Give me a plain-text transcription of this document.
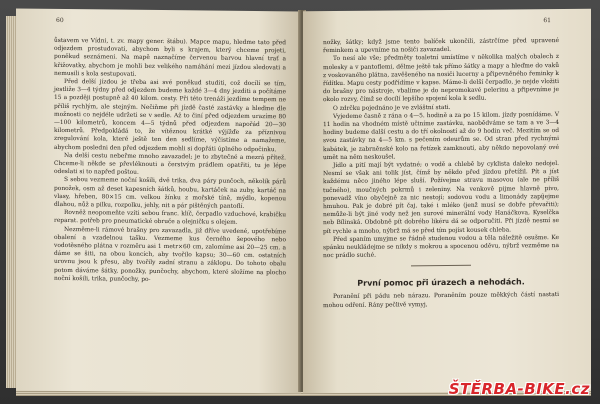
60

ůstavem ve Vídni, t. zv. mapy gener. štábu). Mapce mapu, hledme tato před odjezdem prostudovati, abychom byli s krajem, který chceme projeti, poněkud seznámeni. Na mapě naznačíme červenou barvou hlavní trať a křižovatky, abychom je mohli bez velikého namáhání mezi jízdou sledovati a nemusili s kola sestupovati.

Před delší jízdou je třeba asi své poněkud studiti, což docílí se tím, jestliže 3—4 týdny před odjezdem budeme každé 3—4 dny jezditi a počítáme 15 a později postupně až 40 kilom. cesty. Při této trenáži jezdíme tempem ne příliš rychlým, ale stejným. Nečiňme při jízdě časté zastávky a hleďme dle možnosti co nejdéle udržeti se v sedle. Až to činí před odjezdem urazíme 80—100 kilometrů, koncem 4—5 týdnů před odjezdem napořád 20—30 kilometrů. Předpokládá to, že vítěznou krátké výjížďe za příznivou zregulování kola, které ještě ten den sedlíme, výčistíme a namažeme, abychom posledni den před odjezdem mohli si dopřáti úplného odpočinku.

Na delší cestu nebeřme mnoho zavazadel; je to zbytečné a mezrá přítež. Chceme-li někde se převléknouti a čerstvým prádlem opatřiti, tu je lépe odeslati si to napřed poštou.

S sebou vezmeme noční košili, dvě trika, dva páry punčoch, několik párů ponožek, osm až deset kapesních šátků, houbu, kartáček na zuby, kartáč na vlasy, hřeben, 80×15 cm. velkou žínku z mořské tíně, mýdlo, kopenou dlahou, nůž a pilku, rozpolku, jehly, nit a pár pištěných pantoflí.

Rovněž neopomeňte vzíti sebou franc. klíč, čerpadlo vzduchové, krabičku reparat. potřeb pro pneumatické obruče a olejničku s olejem.

Nezměme-li rámové brašny pro zavazadla, již dříve uvedené, upotřebíme obalení a vzadelnou tašku. Vezmeme kus černého šepového nebo vodotěsného plátna v rozměru asi 1 metr×60 cm, zalomíme asi 20—25 cm. a dáme se šiti, na obou koncích, aby tvořilo kapsu; 30—60 cm. ostatních urovnu jsou k přesu, aby tvořily zadní stranu a záklopu. Do tohoto obalu potom dáváme šátky, ponožky, punčochy, abychom, které složíme na plocho noční košili, trika, punčochy, po-

61

nožky, šátky; když jsme tento balíček ukončili, zástrčíme před upravené řeminkem a upevníme na nošiči zavazadel.

To nesí ale vše; předměty toaletní umístíme v několika malých obalech z molesky a v pantoflemi, dělme ještě tak přímo šátky a mapy a hleďme do vaků z voskovaného plátna, zavěšeného na nosiči lucerny a připevněného řeminky k řídítku. Mapu cesty podřídíme v kapse. Máme-li delší čerpadlo, je nejde vložiti do brašny pro nástroje, vbalíme je do nepromokavé pelerinu a připevníme je okolo rozvy, čímž se docílí lepšího spojení kola k sedlu.

O zdrčku pojednáno je ve zvláštní stati.

Vyjedeme časně z rána o 4—5. hodině a za po 15 kilom. jízdy posnídáme. V 11 hodin na vhodném místě učiníme zastávku, naobědváme se tam a ve 3—4 hodiny budeme další cestu a do tří okolností až do 9 hodin več. Mezitím se od svou zastávky na 4—5 km. s pečením odeurům se. Od stran před rychnými kabátek, je zabrněnské kolo na řetízek zamknouti, aby někdo nepovolaný ové umět na něm neskoušel.

Jídlo a pití mají být vydatné; o vodě a chlebě by cyklista daleko nedojel. Nesmí se však ani tolik jíst, čímž by někdo před jízdou přetížil. Pít a jíst každému něco jiného lépe sluší. Požívejme stravu masovou (ale ne příliš tučného), moučných pokrmů i zeleniny. Na venkově pijme hlavně pivo, ponevadž víno obyčejně za nic nestojí; sodovou vodu a limonády zapíjejme hmuhou. Pak je dobré pít čaj, také i mléko (jenž musí se dobře převařiti); nemůže-li být jiné vody než jen surové minerální vody Hanáčkova, Kyselčka neb Bílinská. Obdobně pít dobrého likéru dá se odporučiti. Při jízdě nesmí se pít rychle a mnoho, nýbrž má se před tím pojíst kousek chleba.

Před spaním umyjme se řádně studenou vodou a těla náležitě osušme. Ke spánku neukládejme se nikdy s mokrou a spocenou oděvu, nýbrž vezměme na noc prádlo suché.

První pomoc při úrazech a nehodách.

Poranění při pádu neb nárazu. Poraněním pouze měkkých částí nastati mohou odření. Rány pečlivě vymyj,

ŠTĚRBA-BIKE.cz
